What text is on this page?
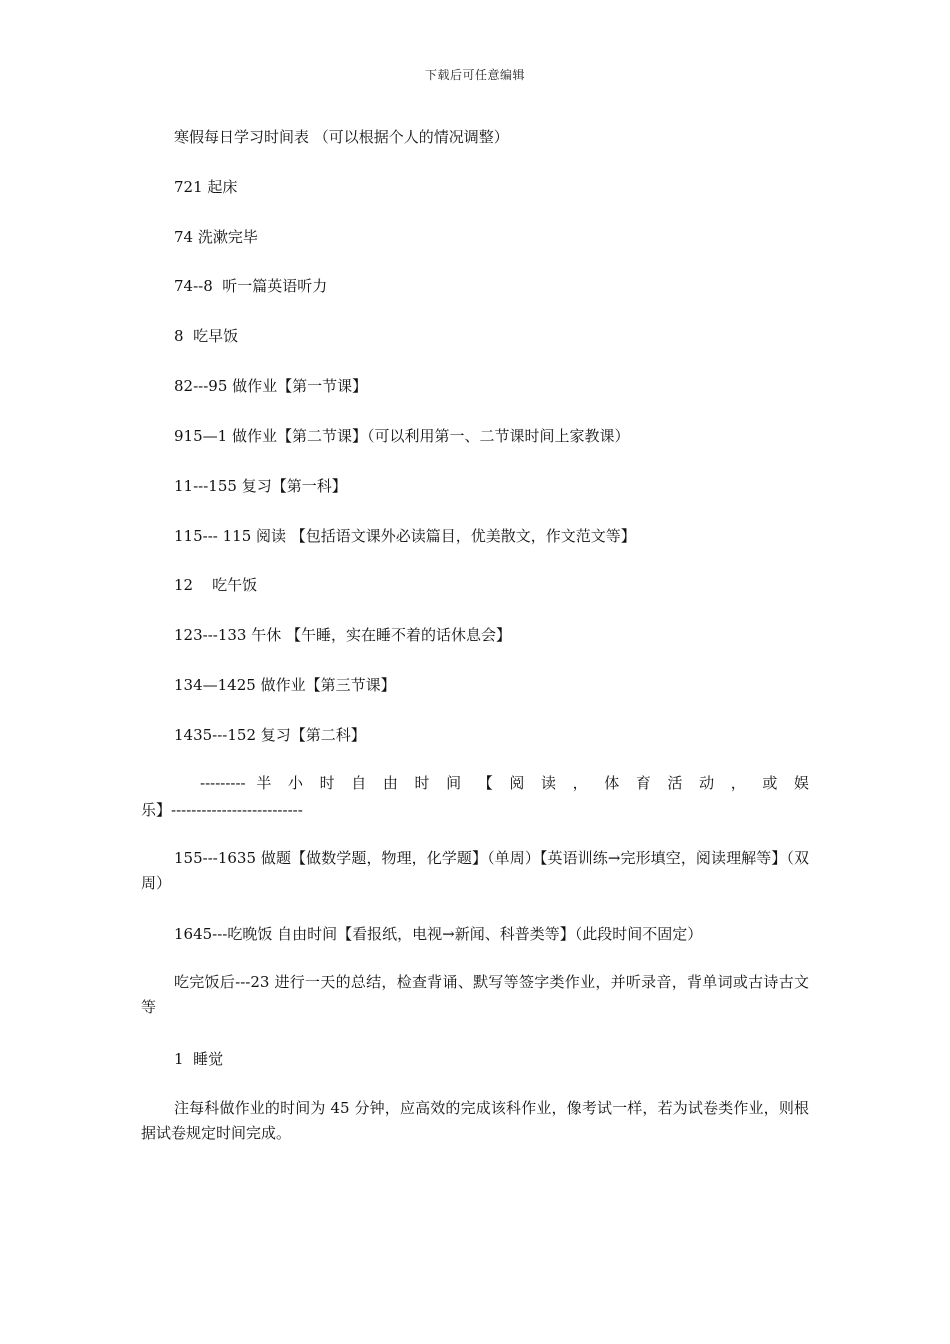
下载后可任意编辑
寒假每日学习时间表 （可以根据个人的情况调整）
721 起床
74 洗漱完毕
74--8  听一篇英语听力
8  吃早饭
82---95 做作业【第一节课】
915—1 做作业【第二节课】（可以利用第一、二节课时间上家教课）
11---155 复习【第一科】
115--- 115 阅读 【包括语文课外必读篇目，优美散文，作文范文等】
12    吃午饭
123---133 午休 【午睡，实在睡不着的话休息会】
134—1425 做作业【第三节课】
1435---152 复习【第二科】
--------- 半 小 时 自 由 时 间 【 阅 读 ， 体 育 活 动 ， 或 娱
乐】--------------------------
155---1635 做题【做数学题，物理，化学题】（单周）【英语训练→完形填空，阅读理解等】（双周）
1645---吃晚饭 自由时间【看报纸，电视→新闻、科普类等】（此段时间不固定）
吃完饭后---23 进行一天的总结，检查背诵、默写等签字类作业，并听录音，背单词或古诗古文等
1  睡觉
注每科做作业的时间为 45 分钟，应高效的完成该科作业，像考试一样，若为试卷类作业，则根据试卷规定时间完成。
